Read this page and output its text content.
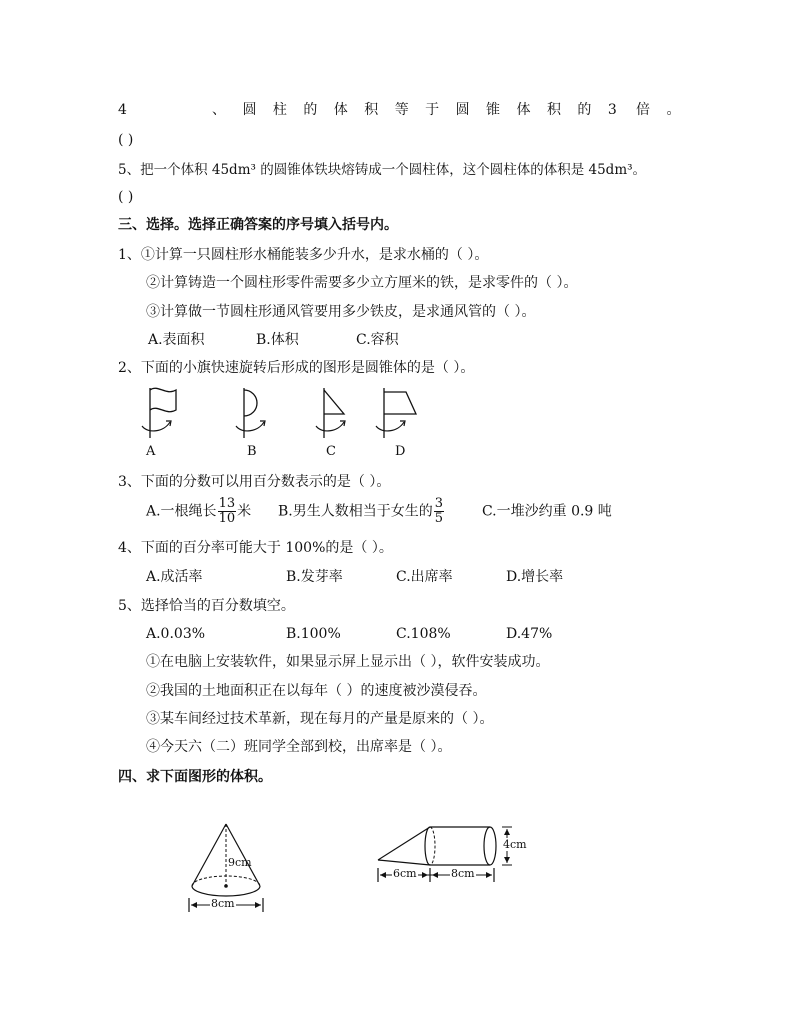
4	、 圆 柱 的 体 积 等 于 圆 锥 体 积 的 3 倍 。
( )
5、把一个体积 45dm³ 的圆锥体铁块熔铸成一个圆柱体，这个圆柱体的体积是 45dm³。
( )
三、选择。选择正确答案的序号填入括号内。
1、①计算一只圆柱形水桶能装多少升水，是求水桶的（ ）。
②计算铸造一个圆柱形零件需要多少立方厘米的铁，是求零件的（ ）。
③计算做一节圆柱形通风管要用多少铁皮，是求通风管的（ ）。
A.表面积	B.体积	C.容积
2、下面的小旗快速旋转后形成的图形是圆锥体的是（ ）。
A	B	C	D
3、下面的分数可以用百分数表示的是（ ）。
A.一根绳长 $\frac{13}{10}$ 米 B.男生人数相当于女生的 $\frac{3}{5}$	C.一堆沙约重 0.9 吨
4、下面的百分率可能大于 100%的是（ ）。
A.成活率	B.发芽率	C.出席率	D.增长率
5、选择恰当的百分数填空。
A.0.03%	B.100%	C.108%	D.47%
①在电脑上安装软件，如果显示屏上显示出（ ），软件安装成功。
②我国的土地面积正在以每年（ ）的速度被沙漠侵吞。
③某车间经过技术革新，现在每月的产量是原来的（ ）。
④今天六（二）班同学全部到校，出席率是（ ）。
四、求下面图形的体积。
9cm
8cm
4cm
6cm	8cm
